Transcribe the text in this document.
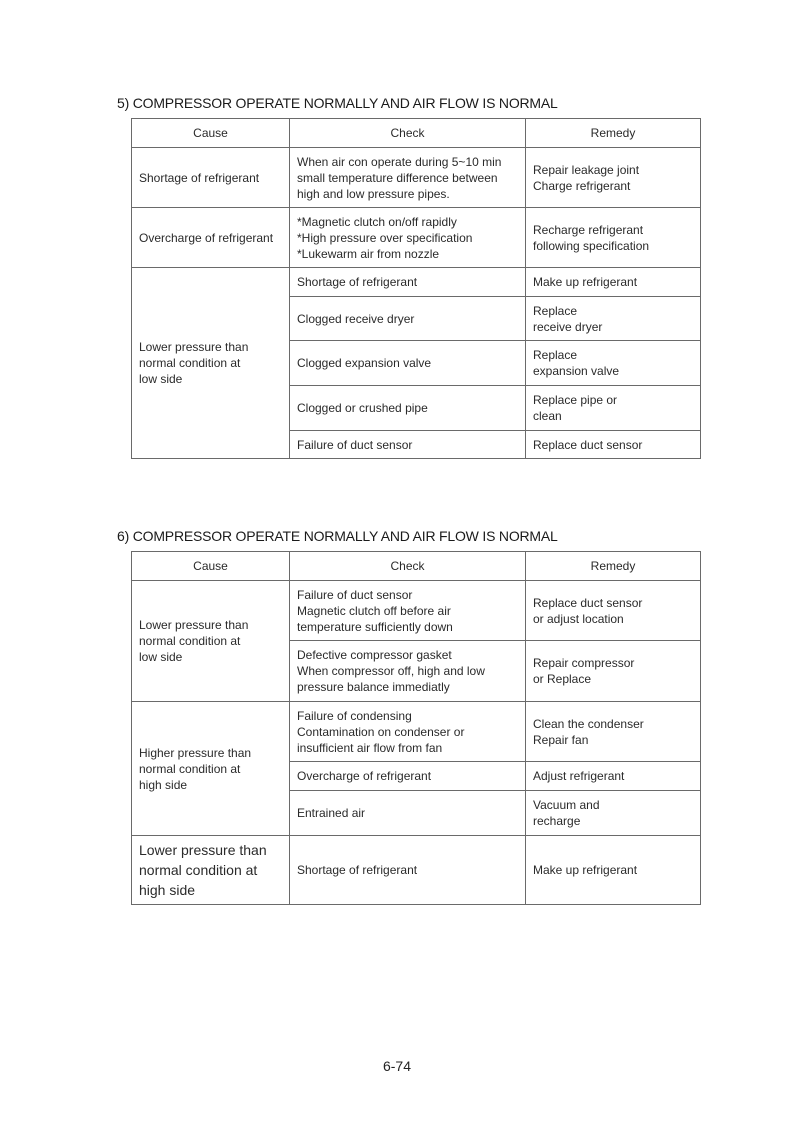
5) COMPRESSOR OPERATE NORMALLY AND AIR FLOW IS NORMAL
Cause	Check	Remedy
Shortage of refrigerant	When air con operate during 5~10 min
small temperature difference between
high and low pressure pipes.	Repair leakage joint
Charge refrigerant
Overcharge of refrigerant	*Magnetic clutch on/off rapidly
*High pressure over specification
*Lukewarm air from nozzle	Recharge refrigerant
following specification
Lower pressure than
normal condition at
low side	Shortage of refrigerant	Make up refrigerant
	Clogged receive dryer	Replace
receive dryer
	Clogged expansion valve	Replace
expansion valve
	Clogged or crushed pipe	Replace pipe or
clean
	Failure of duct sensor	Replace duct sensor
6) COMPRESSOR OPERATE NORMALLY AND AIR FLOW IS NORMAL
Cause	Check	Remedy
Lower pressure than
normal condition at
low side	Failure of duct sensor
Magnetic clutch off before air
temperature sufficiently down	Replace duct sensor
or adjust location
	Defective compressor gasket
When compressor off, high and low
pressure balance immediatly	Repair compressor
or Replace
Higher pressure than
normal condition at
high side	Failure of condensing
Contamination on condenser or
insufficient air flow from fan	Clean the condenser
Repair fan
	Overcharge of refrigerant	Adjust refrigerant
	Entrained air	Vacuum and
recharge
Lower pressure than
normal condition at
high side	Shortage of refrigerant	Make up refrigerant
6-74
